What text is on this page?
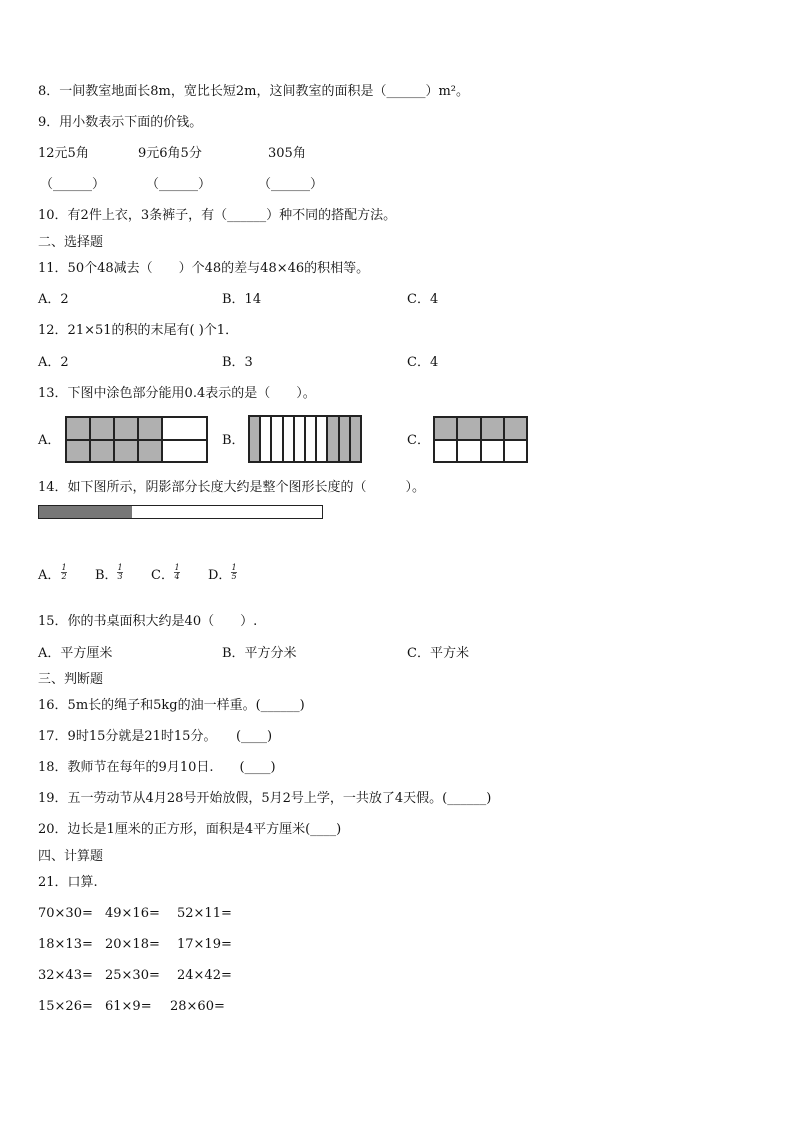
8．一间教室地面长8m，宽比长短2m，这间教室的面积是（______）m²。
9．用小数表示下面的价钱。
12元5角	9元6角5分	305角
（______）	（______）	（______）
10．有2件上衣，3条裤子，有（______）种不同的搭配方法。
二、选择题
11．50个48减去（　　）个48的差与48×46的积相等。
A．2	B．14	C．4
12．21×51的积的末尾有( )个1．
A．2	B．3	C．4
13．下图中涂色部分能用0.4表示的是（　　）。
A．	B．	C．
14．如下图所示，阴影部分长度大约是整个图形长度的（　　　）。
A．
1
2 B．
1
3 C．
1
4 D．
1
5
15．你的书桌面积大约是40（　　）.
A．平方厘米	B．平方分米	C．平方米
三、判断题
16．5m长的绳子和5kg的油一样重。(______)
17．9时15分就是21时15分。　　(____)
18．教师节在每年的9月10日.　　(____)
19．五一劳动节从4月28号开始放假，5月2号上学，一共放了4天假。(______)
20．边长是1厘米的正方形，面积是4平方厘米(____)
四、计算题
21．口算.
70×30= 49×16= 52×11=
18×13= 20×18= 17×19=
32×43= 25×30= 24×42=
15×26= 61×9= 28×60=
